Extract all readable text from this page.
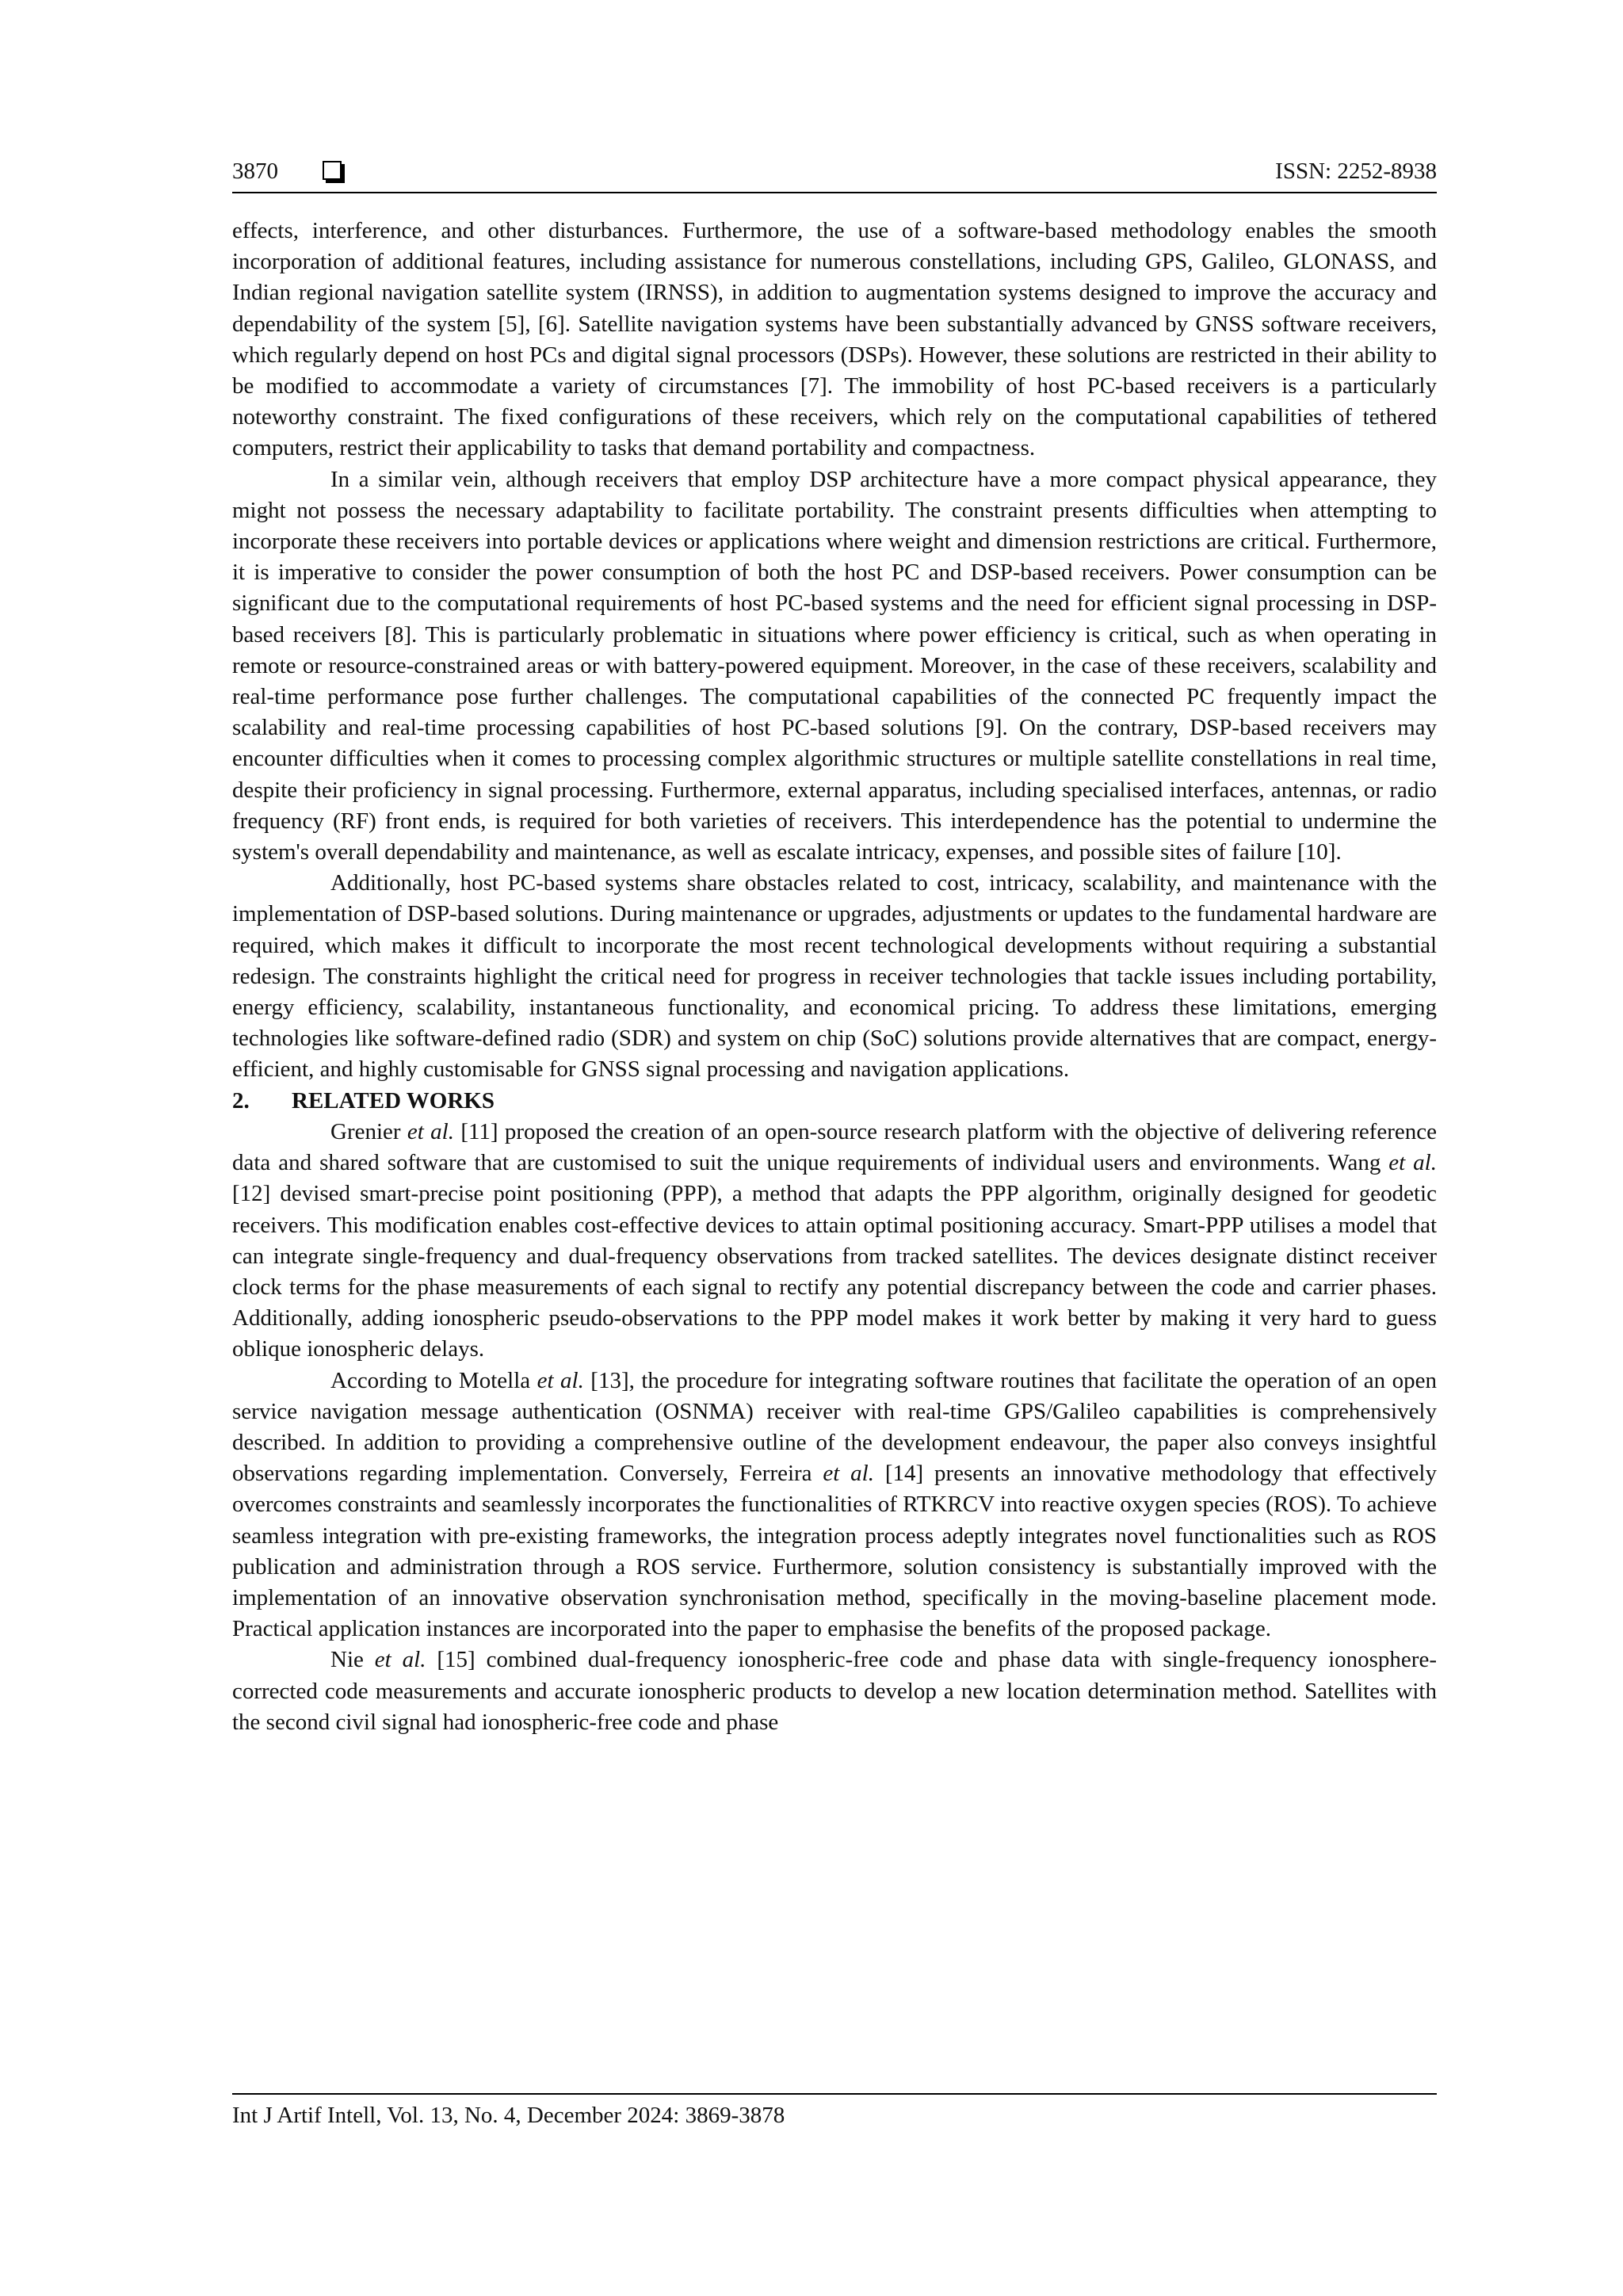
3870	ISSN: 2252-8938

effects, interference, and other disturbances. Furthermore, the use of a software-based methodology enables the smooth incorporation of additional features, including assistance for numerous constellations, including GPS, Galileo, GLONASS, and Indian regional navigation satellite system (IRNSS), in addition to augmentation systems designed to improve the accuracy and dependability of the system [5], [6]. Satellite navigation systems have been substantially advanced by GNSS software receivers, which regularly depend on host PCs and digital signal processors (DSPs). However, these solutions are restricted in their ability to be modified to accommodate a variety of circumstances [7]. The immobility of host PC-based receivers is a particularly noteworthy constraint. The fixed configurations of these receivers, which rely on the computational capabilities of tethered computers, restrict their applicability to tasks that demand portability and compactness.

In a similar vein, although receivers that employ DSP architecture have a more compact physical appearance, they might not possess the necessary adaptability to facilitate portability. The constraint presents difficulties when attempting to incorporate these receivers into portable devices or applications where weight and dimension restrictions are critical. Furthermore, it is imperative to consider the power consumption of both the host PC and DSP-based receivers. Power consumption can be significant due to the computational requirements of host PC-based systems and the need for efficient signal processing in DSP-based receivers [8]. This is particularly problematic in situations where power efficiency is critical, such as when operating in remote or resource-constrained areas or with battery-powered equipment. Moreover, in the case of these receivers, scalability and real-time performance pose further challenges. The computational capabilities of the connected PC frequently impact the scalability and real-time processing capabilities of host PC-based solutions [9]. On the contrary, DSP-based receivers may encounter difficulties when it comes to processing complex algorithmic structures or multiple satellite constellations in real time, despite their proficiency in signal processing. Furthermore, external apparatus, including specialised interfaces, antennas, or radio frequency (RF) front ends, is required for both varieties of receivers. This interdependence has the potential to undermine the system's overall dependability and maintenance, as well as escalate intricacy, expenses, and possible sites of failure [10].

Additionally, host PC-based systems share obstacles related to cost, intricacy, scalability, and maintenance with the implementation of DSP-based solutions. During maintenance or upgrades, adjustments or updates to the fundamental hardware are required, which makes it difficult to incorporate the most recent technological developments without requiring a substantial redesign. The constraints highlight the critical need for progress in receiver technologies that tackle issues including portability, energy efficiency, scalability, instantaneous functionality, and economical pricing. To address these limitations, emerging technologies like software-defined radio (SDR) and system on chip (SoC) solutions provide alternatives that are compact, energy-efficient, and highly customisable for GNSS signal processing and navigation applications.

2. RELATED WORKS

Grenier et al. [11] proposed the creation of an open-source research platform with the objective of delivering reference data and shared software that are customised to suit the unique requirements of individual users and environments. Wang et al. [12] devised smart-precise point positioning (PPP), a method that adapts the PPP algorithm, originally designed for geodetic receivers. This modification enables cost-effective devices to attain optimal positioning accuracy. Smart-PPP utilises a model that can integrate single-frequency and dual-frequency observations from tracked satellites. The devices designate distinct receiver clock terms for the phase measurements of each signal to rectify any potential discrepancy between the code and carrier phases. Additionally, adding ionospheric pseudo-observations to the PPP model makes it work better by making it very hard to guess oblique ionospheric delays.

According to Motella et al. [13], the procedure for integrating software routines that facilitate the operation of an open service navigation message authentication (OSNMA) receiver with real-time GPS/Galileo capabilities is comprehensively described. In addition to providing a comprehensive outline of the development endeavour, the paper also conveys insightful observations regarding implementation. Conversely, Ferreira et al. [14] presents an innovative methodology that effectively overcomes constraints and seamlessly incorporates the functionalities of RTKRCV into reactive oxygen species (ROS). To achieve seamless integration with pre-existing frameworks, the integration process adeptly integrates novel functionalities such as ROS publication and administration through a ROS service. Furthermore, solution consistency is substantially improved with the implementation of an innovative observation synchronisation method, specifically in the moving-baseline placement mode. Practical application instances are incorporated into the paper to emphasise the benefits of the proposed package.

Nie et al. [15] combined dual-frequency ionospheric-free code and phase data with single-frequency ionosphere-corrected code measurements and accurate ionospheric products to develop a new location determination method. Satellites with the second civil signal had ionospheric-free code and phase

Int J Artif Intell, Vol. 13, No. 4, December 2024: 3869-3878
